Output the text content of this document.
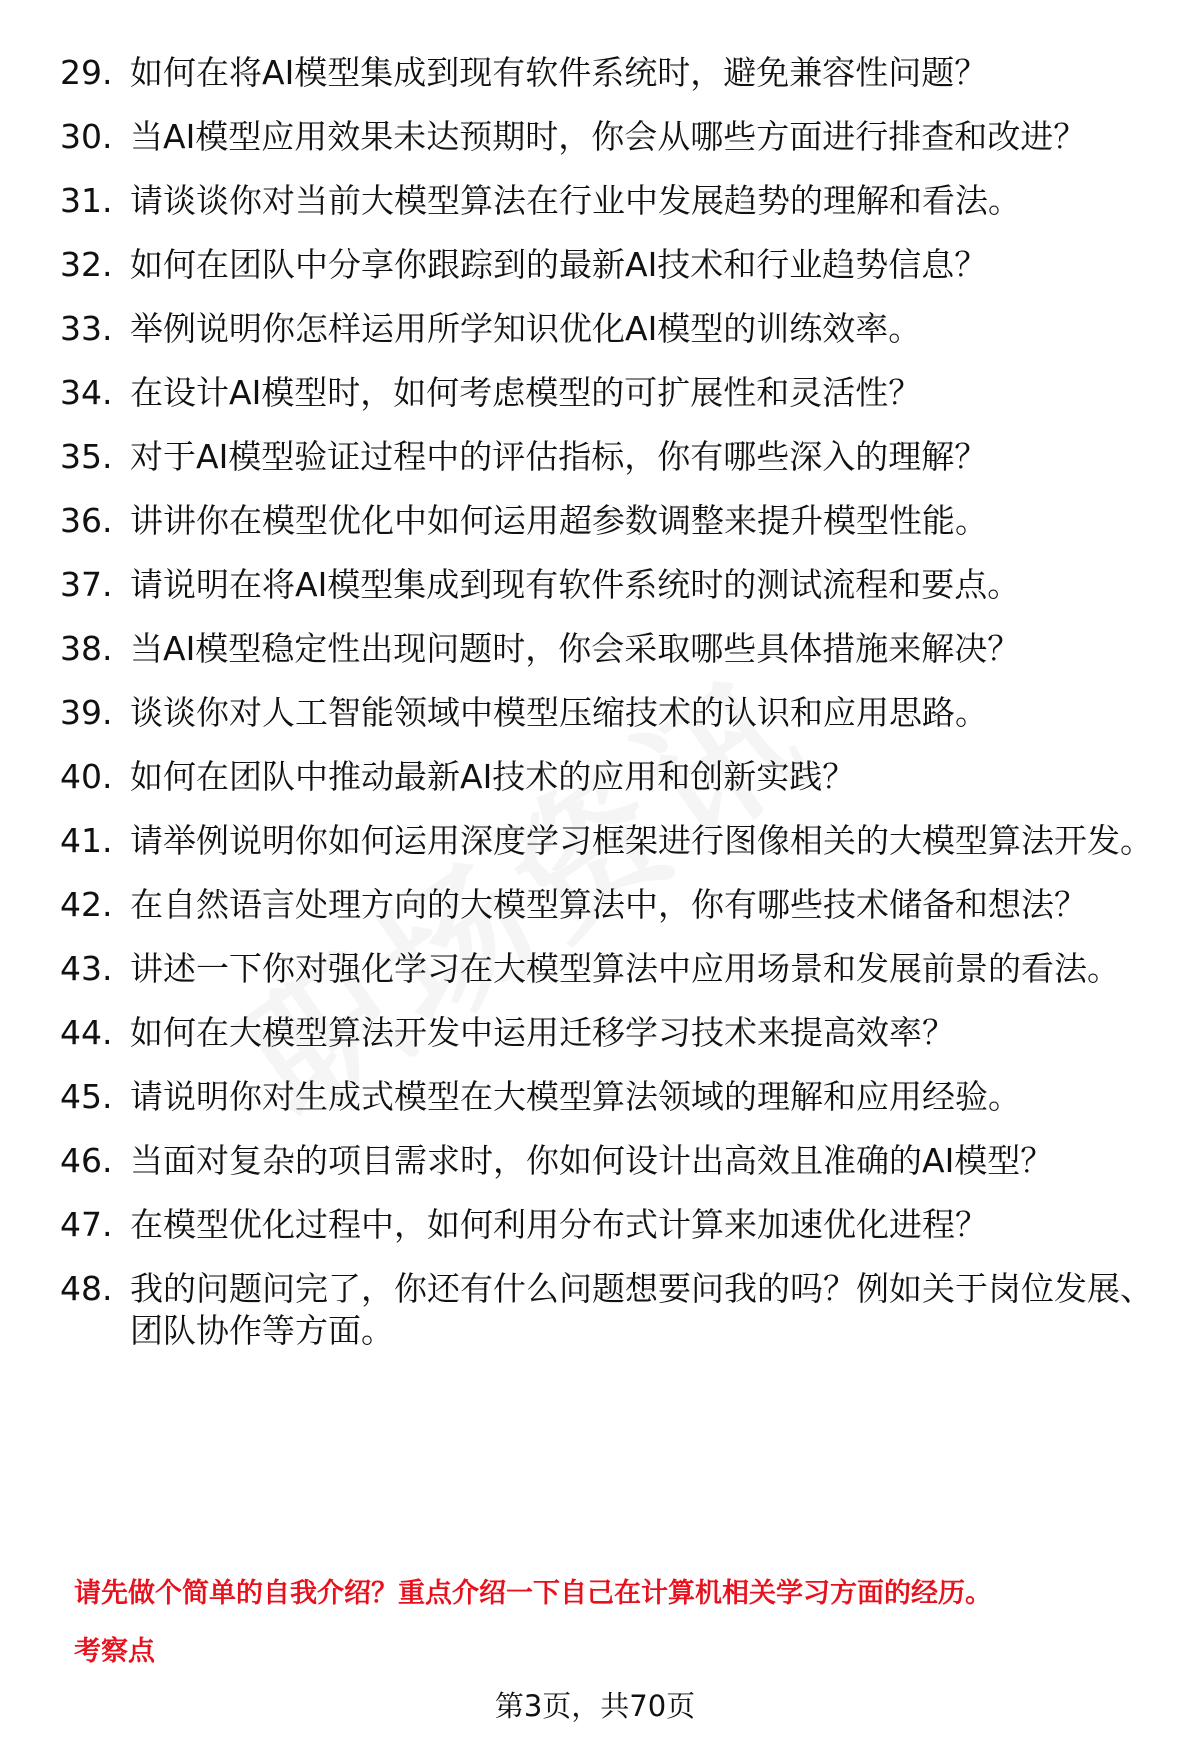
29. 如何在将AI模型集成到现有软件系统时，避免兼容性问题？
30. 当AI模型应用效果未达预期时，你会从哪些方面进行排查和改进？
31. 请谈谈你对当前大模型算法在行业中发展趋势的理解和看法。
32. 如何在团队中分享你跟踪到的最新AI技术和行业趋势信息？
33. 举例说明你怎样运用所学知识优化AI模型的训练效率。
34. 在设计AI模型时，如何考虑模型的可扩展性和灵活性？
35. 对于AI模型验证过程中的评估指标，你有哪些深入的理解？
36. 讲讲你在模型优化中如何运用超参数调整来提升模型性能。
37. 请说明在将AI模型集成到现有软件系统时的测试流程和要点。
38. 当AI模型稳定性出现问题时，你会采取哪些具体措施来解决？
39. 谈谈你对人工智能领域中模型压缩技术的认识和应用思路。
40. 如何在团队中推动最新AI技术的应用和创新实践？
41. 请举例说明你如何运用深度学习框架进行图像相关的大模型算法开发。
42. 在自然语言处理方向的大模型算法中，你有哪些技术储备和想法？
43. 讲述一下你对强化学习在大模型算法中应用场景和发展前景的看法。
44. 如何在大模型算法开发中运用迁移学习技术来提高效率？
45. 请说明你对生成式模型在大模型算法领域的理解和应用经验。
46. 当面对复杂的项目需求时，你如何设计出高效且准确的AI模型？
47. 在模型优化过程中，如何利用分布式计算来加速优化进程？
48. 我的问题问完了，你还有什么问题想要问我的吗？例如关于岗位发展、团队协作等方面。
请先做个简单的自我介绍？重点介绍一下自己在计算机相关学习方面的经历。
考察点
第3页，共70页
